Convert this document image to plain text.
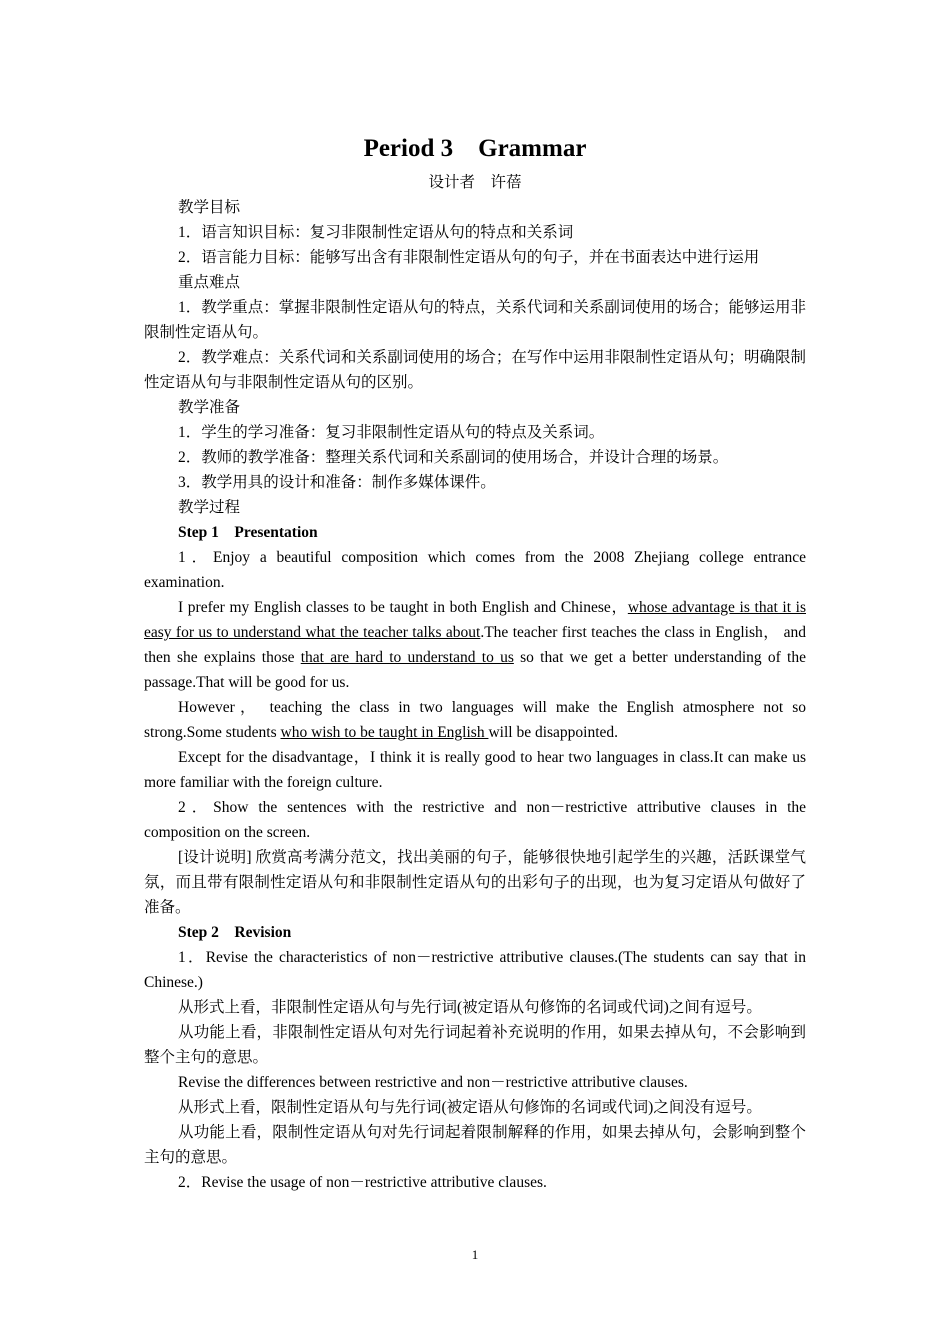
Period 3　Grammar

设计者　许蓓

教学目标

1．语言知识目标：复习非限制性定语从句的特点和关系词

2．语言能力目标：能够写出含有非限制性定语从句的句子，并在书面表达中进行运用

重点难点

1．教学重点：掌握非限制性定语从句的特点，关系代词和关系副词使用的场合；能够运用非限制性定语从句。

2．教学难点：关系代词和关系副词使用的场合；在写作中运用非限制性定语从句；明确限制性定语从句与非限制性定语从句的区别。

教学准备

1．学生的学习准备：复习非限制性定语从句的特点及关系词。

2．教师的教学准备：整理关系代词和关系副词的使用场合，并设计合理的场景。

3．教学用具的设计和准备：制作多媒体课件。

教学过程

Step 1　Presentation

1．Enjoy a beautiful composition which comes from the 2008 Zhejiang college entrance examination.

I prefer my English classes to be taught in both English and Chinese，whose advantage is that it is easy for us to understand what the teacher talks about.The teacher first teaches the class in English， and then she explains those that are hard to understand to us so that we get a better understanding of the passage.That will be good for us.

However， teaching the class in two languages will make the English atmosphere not so strong.Some students who wish to be taught in English will be disappointed.

Except for the disadvantage，I think it is really good to hear two languages in class.It can make us more familiar with the foreign culture.

2．Show the sentences with the restrictive and non－restrictive attributive clauses in the composition on the screen.

[设计说明] 欣赏高考满分范文，找出美丽的句子，能够很快地引起学生的兴趣，活跃课堂气氛，而且带有限制性定语从句和非限制性定语从句的出彩句子的出现，也为复习定语从句做好了准备。

Step 2　Revision

1．Revise the characteristics of non－restrictive attributive clauses.(The students can say that in Chinese.)

从形式上看，非限制性定语从句与先行词(被定语从句修饰的名词或代词)之间有逗号。

从功能上看，非限制性定语从句对先行词起着补充说明的作用，如果去掉从句，不会影响到整个主句的意思。

Revise the differences between restrictive and non－restrictive attributive clauses.

从形式上看，限制性定语从句与先行词(被定语从句修饰的名词或代词)之间没有逗号。

从功能上看，限制性定语从句对先行词起着限制解释的作用，如果去掉从句，会影响到整个主句的意思。

2．Revise the usage of non－restrictive attributive clauses.

1
